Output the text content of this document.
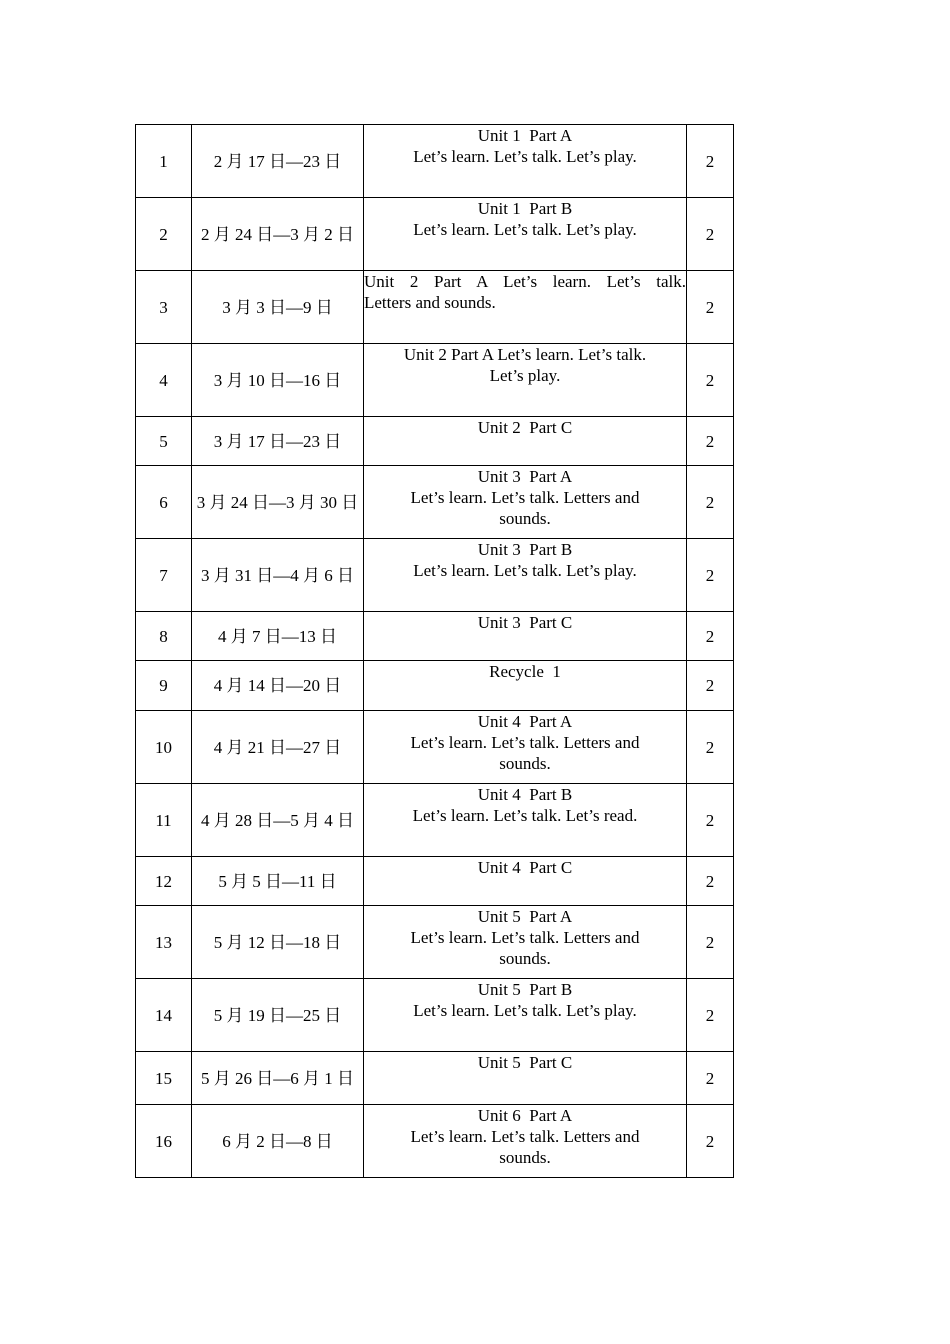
1	2 月 17 日—23 日	Unit 1  Part A
Let’s learn. Let’s talk. Let’s play.	2
2	2 月 24 日—3 月 2 日	Unit 1  Part B
Let’s learn. Let’s talk. Let’s play.	2
3	3 月 3 日—9 日	Unit  2  Part  A  Let’s  learn.  Let’s  talk. Letters and sounds.	2
4	3 月 10 日—16 日	Unit 2 Part A Let’s learn. Let’s talk.
Let’s play.	2
5	3 月 17 日—23 日	Unit 2  Part C	2
6	3 月 24 日—3 月 30 日	Unit 3  Part A
Let’s learn. Let’s talk. Letters and
sounds.	2
7	3 月 31 日—4 月 6 日	Unit 3  Part B
Let’s learn. Let’s talk. Let’s play.	2
8	4 月 7 日—13 日	Unit 3  Part C	2
9	4 月 14 日—20 日	Recycle  1	2
10	4 月 21 日—27 日	Unit 4  Part A
Let’s learn. Let’s talk. Letters and
sounds.	2
11	4 月 28 日—5 月 4 日	Unit 4  Part B
Let’s learn. Let’s talk. Let’s read.	2
12	5 月 5 日—11 日	Unit 4  Part C	2
13	5 月 12 日—18 日	Unit 5  Part A
Let’s learn. Let’s talk. Letters and
sounds.	2
14	5 月 19 日—25 日	Unit 5  Part B
Let’s learn. Let’s talk. Let’s play.	2
15	5 月 26 日—6 月 1 日	Unit 5  Part C	2
16	6 月 2 日—8 日	Unit 6  Part A
Let’s learn. Let’s talk. Letters and
sounds.	2
